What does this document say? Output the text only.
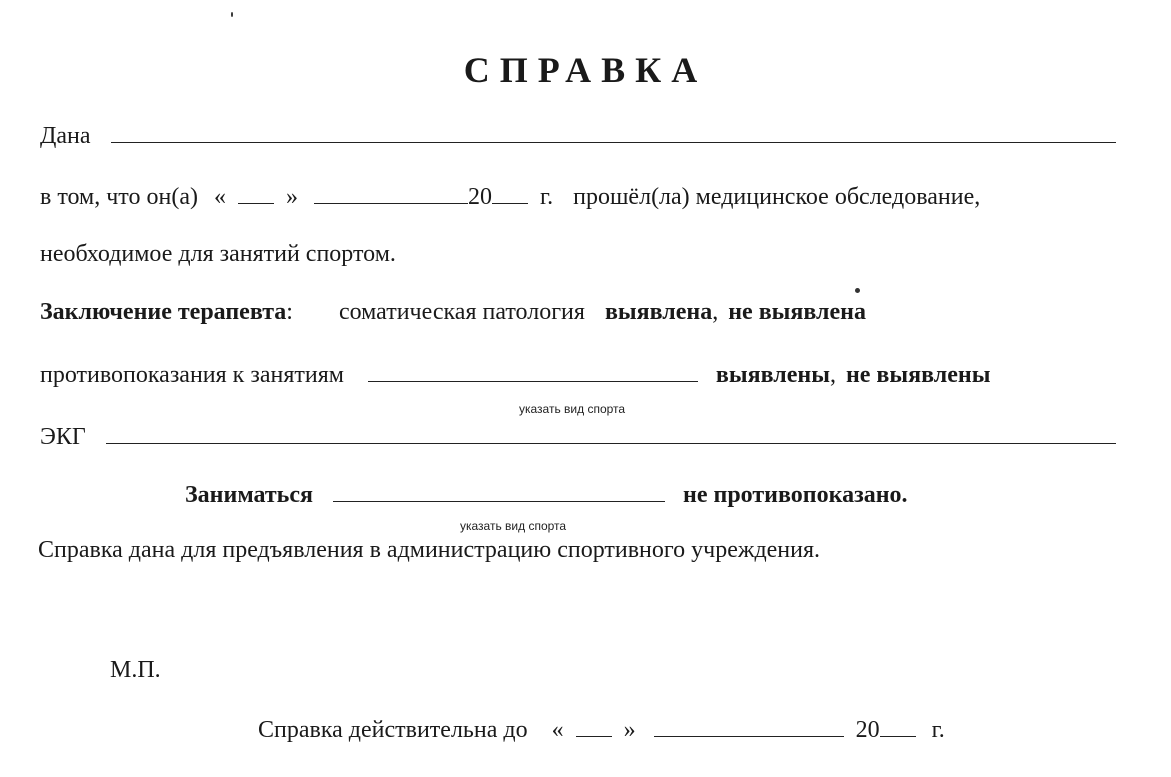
СПРАВКА
Дана
в том, что он(а) «	»	20 г. прошёл(ла) медицинское обследование,
необходимое для занятий спортом.
Заключение терапевта: соматическая патология выявлена, не выявлена
противопоказания к занятиям	выявлены, не выявлены
указать вид спорта
ЭКГ
Заниматься	не противопоказано.
указать вид спорта
Справка дана для предъявления в администрацию спортивного учреждения.
М.П.
Справка действительна до «	»	20 г.
